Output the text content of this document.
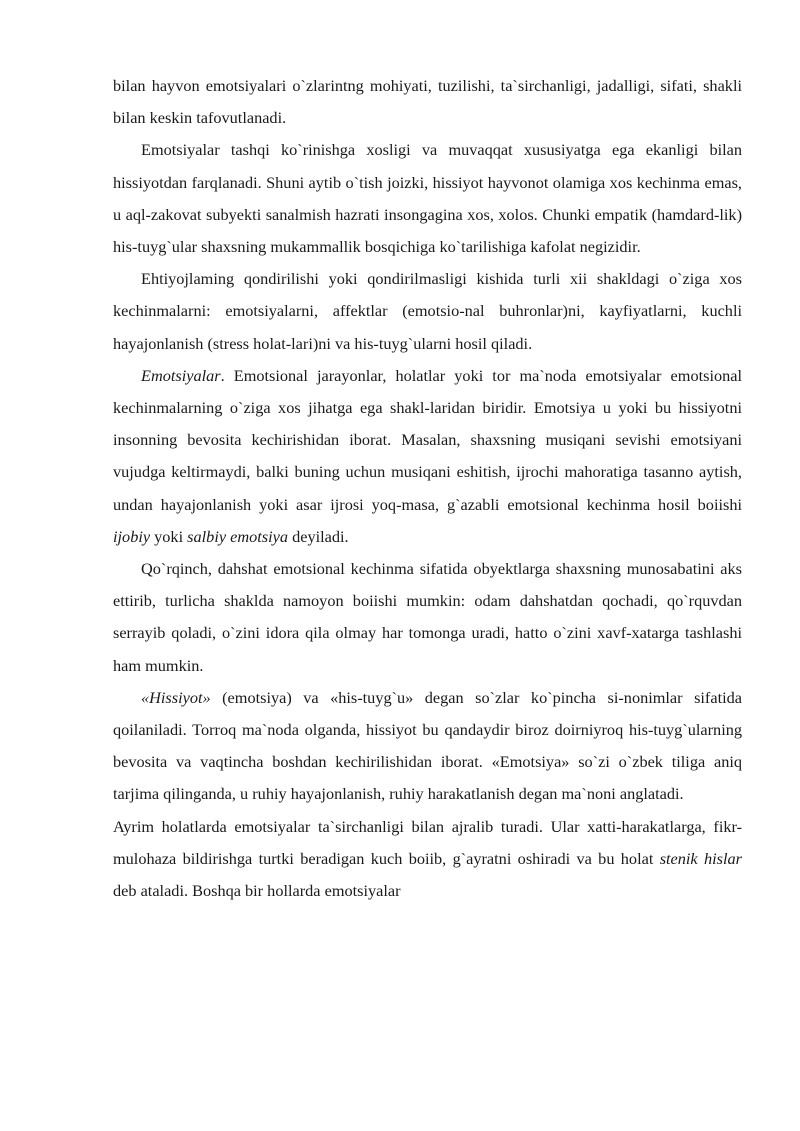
bilan hayvon emotsiyalari o`zlarintng mohiyati, tuzilishi, ta`sirchanligi, jadalligi, sifati, shakli bilan keskin tafovutlanadi.

Emotsiyalar tashqi ko`rinishga xosligi va muvaqqat xususiyatga ega ekanligi bilan hissiyotdan farqlanadi. Shuni aytib o`tish joizki, hissiyot hayvonot olamiga xos kechinma emas, u aql-zakovat subyekti sanalmish hazrati insongagina xos, xolos. Chunki empatik (hamdard-lik) his-tuyg`ular shaxsning mukammallik bosqichiga ko`tarilishiga kafolat negizidir.

Ehtiyojlaming qondirilishi yoki qondirilmasligi kishida turli xii shakldagi o`ziga xos kechinmalarni: emotsiyalarni, affektlar (emotsio-nal buhronlar)ni, kayfiyatlarni, kuchli hayajonlanish (stress holat-lari)ni va his-tuyg`ularni hosil qiladi.

Emotsiyalar. Emotsional jarayonlar, holatlar yoki tor ma`noda emotsiyalar emotsional kechinmalarning o`ziga xos jihatga ega shakl-laridan biridir. Emotsiya u yoki bu hissiyotni insonning bevosita kechirishidan iborat. Masalan, shaxsning musiqani sevishi emotsiyani vujudga keltirmaydi, balki buning uchun musiqani eshitish, ijrochi mahoratiga tasanno aytish, undan hayajonlanish yoki asar ijrosi yoq-masa, g`azabli emotsional kechinma hosil boiishi ijobiy yoki salbiy emotsiya deyiladi.

Qo`rqinch, dahshat emotsional kechinma sifatida obyektlarga shaxsning munosabatini aks ettirib, turlicha shaklda namoyon boiishi mumkin: odam dahshatdan qochadi, qo`rquvdan serrayib qoladi, o`zini idora qila olmay har tomonga uradi, hatto o`zini xavf-xatarga tashlashi ham mumkin.

«Hissiyot» (emotsiya) va «his-tuyg`u» degan so`zlar ko`pincha si-nonimlar sifatida qoilaniladi. Torroq ma`noda olganda, hissiyot bu qandaydir biroz doirniyroq his-tuyg`ularning bevosita va vaqtincha boshdan kechirilishidan iborat. «Emotsiya» so`zi o`zbek tiliga aniq tarjima qilinganda, u ruhiy hayajonlanish, ruhiy harakatlanish degan ma`noni anglatadi.

Ayrim holatlarda emotsiyalar ta`sirchanligi bilan ajralib turadi. Ular xatti-harakatlarga, fikr-mulohaza bildirishga turtki beradigan kuch boiib, g`ayratni oshiradi va bu holat stenik hislar deb ataladi. Boshqa bir hollarda emotsiyalar
